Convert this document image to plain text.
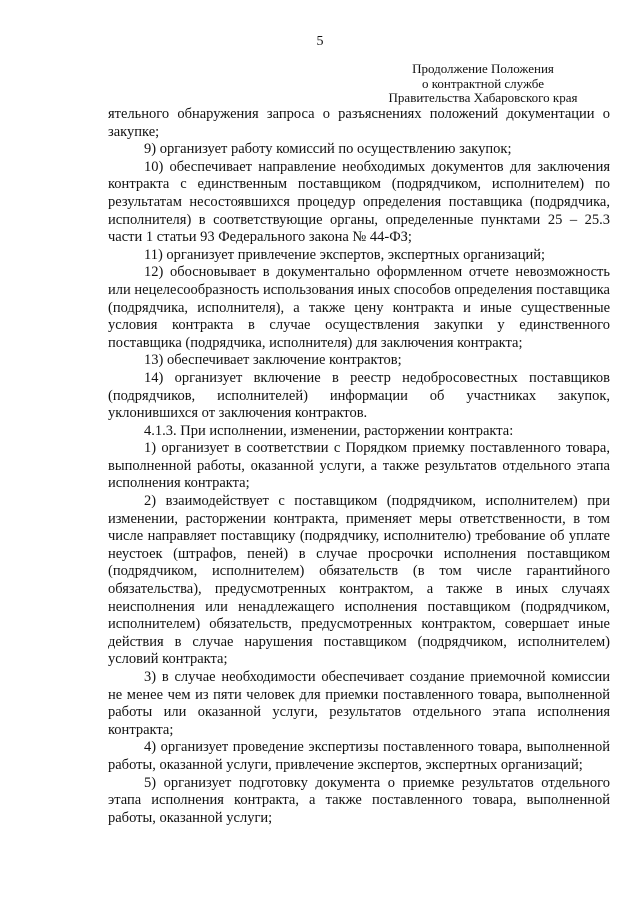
5
Продолжение Положения
о контрактной службе
Правительства Хабаровского края

ятельного обнаружения запроса о разъяснениях положений документации о закупке;

9) организует работу комиссий по осуществлению закупок;

10) обеспечивает направление необходимых документов для заключения контракта с единственным поставщиком (подрядчиком, исполнителем) по результатам несостоявшихся процедур определения поставщика (подрядчика, исполнителя) в соответствующие органы, определенные пунктами 25 – 25.3 части 1 статьи 93 Федерального закона № 44-ФЗ;

11) организует привлечение экспертов, экспертных организаций;

12) обосновывает в документально оформленном отчете невозможность или нецелесообразность использования иных способов определения поставщика (подрядчика, исполнителя), а также цену контракта и иные существенные условия контракта в случае осуществления закупки у единственного поставщика (подрядчика, исполнителя) для заключения контракта;

13) обеспечивает заключение контрактов;

14) организует включение в реестр недобросовестных поставщиков (подрядчиков, исполнителей) информации об участниках закупок, уклонившихся от заключения контрактов.

4.1.3. При исполнении, изменении, расторжении контракта:

1) организует в соответствии с Порядком приемку поставленного товара, выполненной работы, оказанной услуги, а также результатов отдельного этапа исполнения контракта;

2) взаимодействует с поставщиком (подрядчиком, исполнителем) при изменении, расторжении контракта, применяет меры ответственности, в том числе направляет поставщику (подрядчику, исполнителю) требование об уплате неустоек (штрафов, пеней) в случае просрочки исполнения поставщиком (подрядчиком, исполнителем) обязательств (в том числе гарантийного обязательства), предусмотренных контрактом, а также в иных случаях неисполнения или ненадлежащего исполнения поставщиком (подрядчиком, исполнителем) обязательств, предусмотренных контрактом, совершает иные действия в случае нарушения поставщиком (подрядчиком, исполнителем) условий контракта;

3) в случае необходимости обеспечивает создание приемочной комиссии не менее чем из пяти человек для приемки поставленного товара, выполненной работы или оказанной услуги, результатов отдельного этапа исполнения контракта;

4) организует проведение экспертизы поставленного товара, выполненной работы, оказанной услуги, привлечение экспертов, экспертных организаций;

5) организует подготовку документа о приемке результатов отдельного этапа исполнения контракта, а также поставленного товара, выполненной работы, оказанной услуги;
